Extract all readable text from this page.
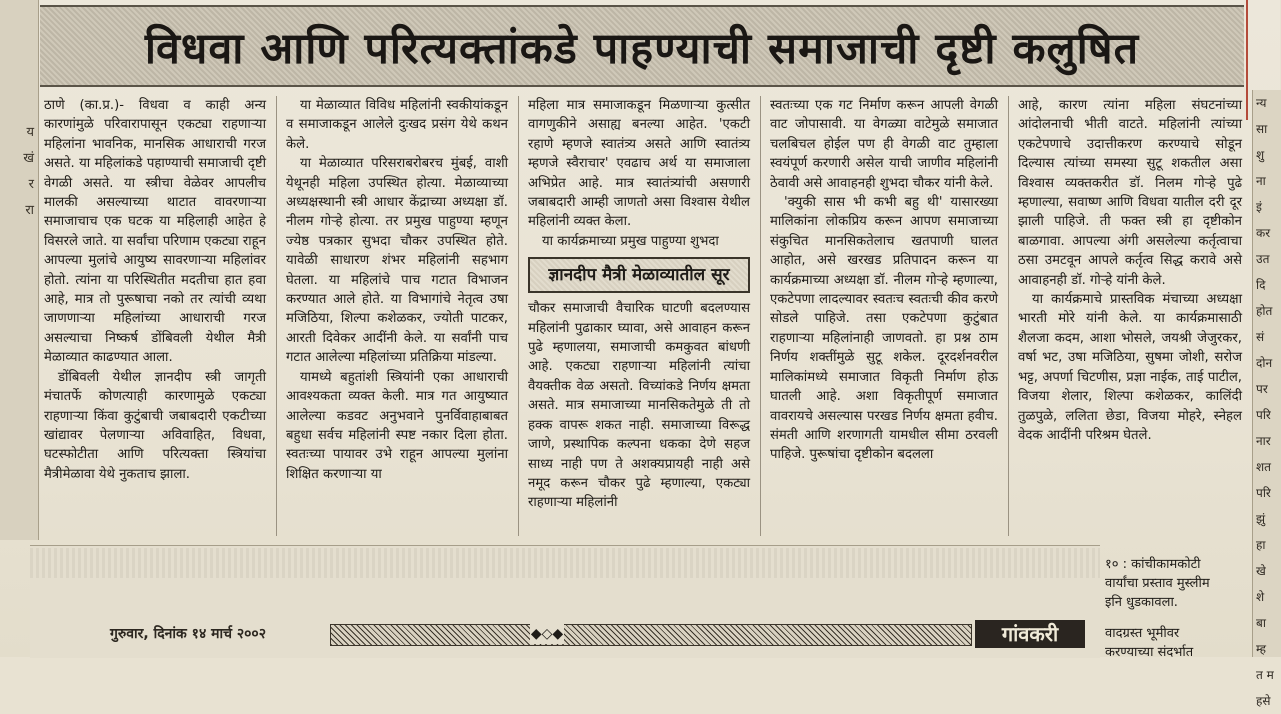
य
खं
र
रा
विधवा आणि परित्यक्तांकडे पाहण्याची समाजाची दृष्टी कलुषित

ठाणे (का.प्र.)- विधवा व काही अन्य कारणांमुळे परिवारापासून एकट्या राहणाऱ्या महिलांना भावनिक, मानसिक आधाराची गरज असते. या महिलांकडे पहाण्याची समाजाची दृष्टी वेगळी असते. या स्त्रीचा वेळेवर आपलीच मालकी असल्याच्या थाटात वावरणाऱ्या समाजाचाच एक घटक या महिलाही आहेत हे विसरले जाते. या सर्वांचा परिणाम एकट्या राहून आपल्या मुलांचे आयुष्य सावरणाऱ्या महिलांवर होतो. त्यांना या परिस्थितीत मदतीचा हात हवा आहे, मात्र तो पुरूषाचा नको तर त्यांची व्यथा जाणणाऱ्या महिलांच्या आधाराची गरज असल्याचा निष्कर्ष डोंबिवली येथील मैत्री मेळाव्यात काढण्यात आला.

डोंबिवली येथील ज्ञानदीप स्त्री जागृती मंचातर्फे कोणत्याही कारणामुळे एकट्या राहणाऱ्या किंवा कुटुंबाची जबाबदारी एकटीच्या खांद्यावर पेलणाऱ्या अविवाहित, विधवा, घटस्फोटीता आणि परित्यक्ता स्त्रियांचा मैत्रीमेळावा येथे नुकताच झाला.

या मेळाव्यात विविध महिलांनी स्वकीयांकडून व समाजाकडून आलेले दुःखद प्रसंग येथे कथन केले.

या मेळाव्यात परिसराबरोबरच मुंबई, वाशी येथूनही महिला उपस्थित होत्या. मेळाव्याच्या अध्यक्षस्थानी स्त्री आधार केंद्राच्या अध्यक्षा डॉ. नीलम गोऱ्हे होत्या. तर प्रमुख पाहुण्या म्हणून ज्येष्ठ पत्रकार सुभदा चौकर उपस्थित होते. यावेळी साधारण शंभर महिलांनी सहभाग घेतला. या महिलांचे पाच गटात विभाजन करण्यात आले होते. या विभागांचे नेतृत्व उषा मजिठिया, शिल्पा कशेळकर, ज्योती पाटकर, आरती दिवेकर आदींनी केले. या सर्वांनी पाच गटात आलेल्या महिलांच्या प्रतिक्रिया मांडल्या.

यामध्ये बहुतांशी स्त्रियांनी एका आधाराची आवश्यकता व्यक्त केली. मात्र गत आयुष्यात आलेल्या कडवट अनुभवाने पुनर्विवाहाबाबत बहुधा सर्वच महिलांनी स्पष्ट नकार दिला होता. स्वतःच्या पायावर उभे राहून आपल्या मुलांना शिक्षित करणाऱ्या या

महिला मात्र समाजाकडून मिळणाऱ्या कुत्सीत वागणुकीने असाह्य बनल्या आहेत. 'एकटी रहाणे म्हणजे स्वातंत्र्य असते आणि स्वातंत्र्य म्हणजे स्वैराचार' एवढाच अर्थ या समाजाला अभिप्रेत आहे. मात्र स्वातंत्र्यांची असणारी जबाबदारी आम्ही जाणतो असा विश्वास येथील महिलांनी व्यक्त केला.

या कार्यक्रमाच्या प्रमुख पाहुण्या शुभदा

ज्ञानदीप मैत्री मेळाव्यातील सूर

चौकर समाजाची वैचारिक घाटणी बदलण्यास महिलांनी पुढाकार घ्यावा, असे आवाहन करून पुढे म्हणालया, समाजाची कमकुवत बांधणी आहे. एकट्या राहणाऱ्या महिलांनी त्यांचा वैयक्तीक वेळ असतो. विच्यांकडे निर्णय क्षमता असते. मात्र समाजाच्या मानसिकतेमुळे ती तो हक्क वापरू शकत नाही. समाजाच्या विरूद्ध जाणे, प्रस्थापिक कल्पना धकका देणे सहज साध्य नाही पण ते अशक्यप्रायही नाही असे नमूद करून चौकर पुढे म्हणाल्या, एकट्या राहणाऱ्या महिलांनी

स्वतःच्या एक गट निर्माण करून आपली वेगळी वाट जोपासावी. या वेगळ्या वाटेमुळे समाजात चलबिचल होईल पण ही वेगळी वाट तुम्हाला स्वयंपूर्ण करणारी असेल याची जाणीव महिलांनी ठेवावी असे आवाहनही शुभदा चौकर यांनी केले.

'क्युकी सास भी कभी बहु थी' यासारख्या मालिकांना लोकप्रिय करून आपण समाजाच्या संकुचित मानसिकतेलाच खतपाणी घालत आहोत, असे खरखड प्रतिपादन करून या कार्यक्रमाच्या अध्यक्षा डॉ. नीलम गोऱ्हे म्हणाल्या, एकटेपणा लादल्यावर स्वतःच स्वतःची कीव करणे सोडले पाहिजे. तसा एकटेपणा कुटुंबात राहणाऱ्या महिलांनाही जाणवतो. हा प्रश्न ठाम निर्णय शक्तींमुळे सुटू शकेल. दूरदर्शनवरील मालिकांमध्ये समाजात विकृती निर्माण होऊ घातली आहे. अशा विकृतीपूर्ण समाजात वावरायचे असल्यास परखड निर्णय क्षमता हवीच. संमती आणि शरणागती यामधील सीमा ठरवली पाहिजे. पुरूषांचा दृष्टीकोन बदलला

आहे, कारण त्यांना महिला संघटनांच्या आंदोलनाची भीती वाटते. महिलांनी त्यांच्या एकटेपणाचे उदात्तीकरण करण्याचे सोडून दिल्यास त्यांच्या समस्या सुटू शकतील असा विश्वास व्यक्तकरीत डॉ. निलम गोऱ्हे पुढे म्हणाल्या, सवाष्ण आणि विधवा यातील दरी दूर झाली पाहिजे. ती फक्त स्त्री हा दृष्टीकोन बाळगावा. आपल्या अंगी असलेल्या कर्तृत्वाचा ठसा उमटवून आपले कर्तृत्व सिद्ध करावे असे आवाहनही डॉ. गोऱ्हे यांनी केले.

या कार्यक्रमाचे प्रास्तविक मंचाच्या अध्यक्षा भारती मोरे यांनी केले. या कार्यक्रमासाठी शैलजा कदम, आशा भोसले, जयश्री जेजुरकर, वर्षा भट, उषा मजिठिया, सुषमा जोशी, सरोज भट्ट, अपर्णा चिटणीस, प्रज्ञा नाईक, ताई पाटील, विजया शेलार, शिल्पा कशेळकर, कालिंदी तुळपुळे, ललिता छेडा, विजया मोहरे, स्नेहल वेदक आदींनी परिश्रम घेतले.

न्य
सा
शु
ना
इं
कर
उत
दि
होत
सं
दोन
पर
परि
नार
शत
परि
झुं
हा
खे
शे
बा
म्ह
त म
हसे
गुरुवार, दिनांक १४ मार्च २००२	◆◇◆	गांवकरी
१० : कांचीकामकोटी
वार्यांचा प्रस्ताव मुस्लीम
इनि धुडकावला.
वादग्रस्त भूमीवर
करण्याच्या संदर्भात
